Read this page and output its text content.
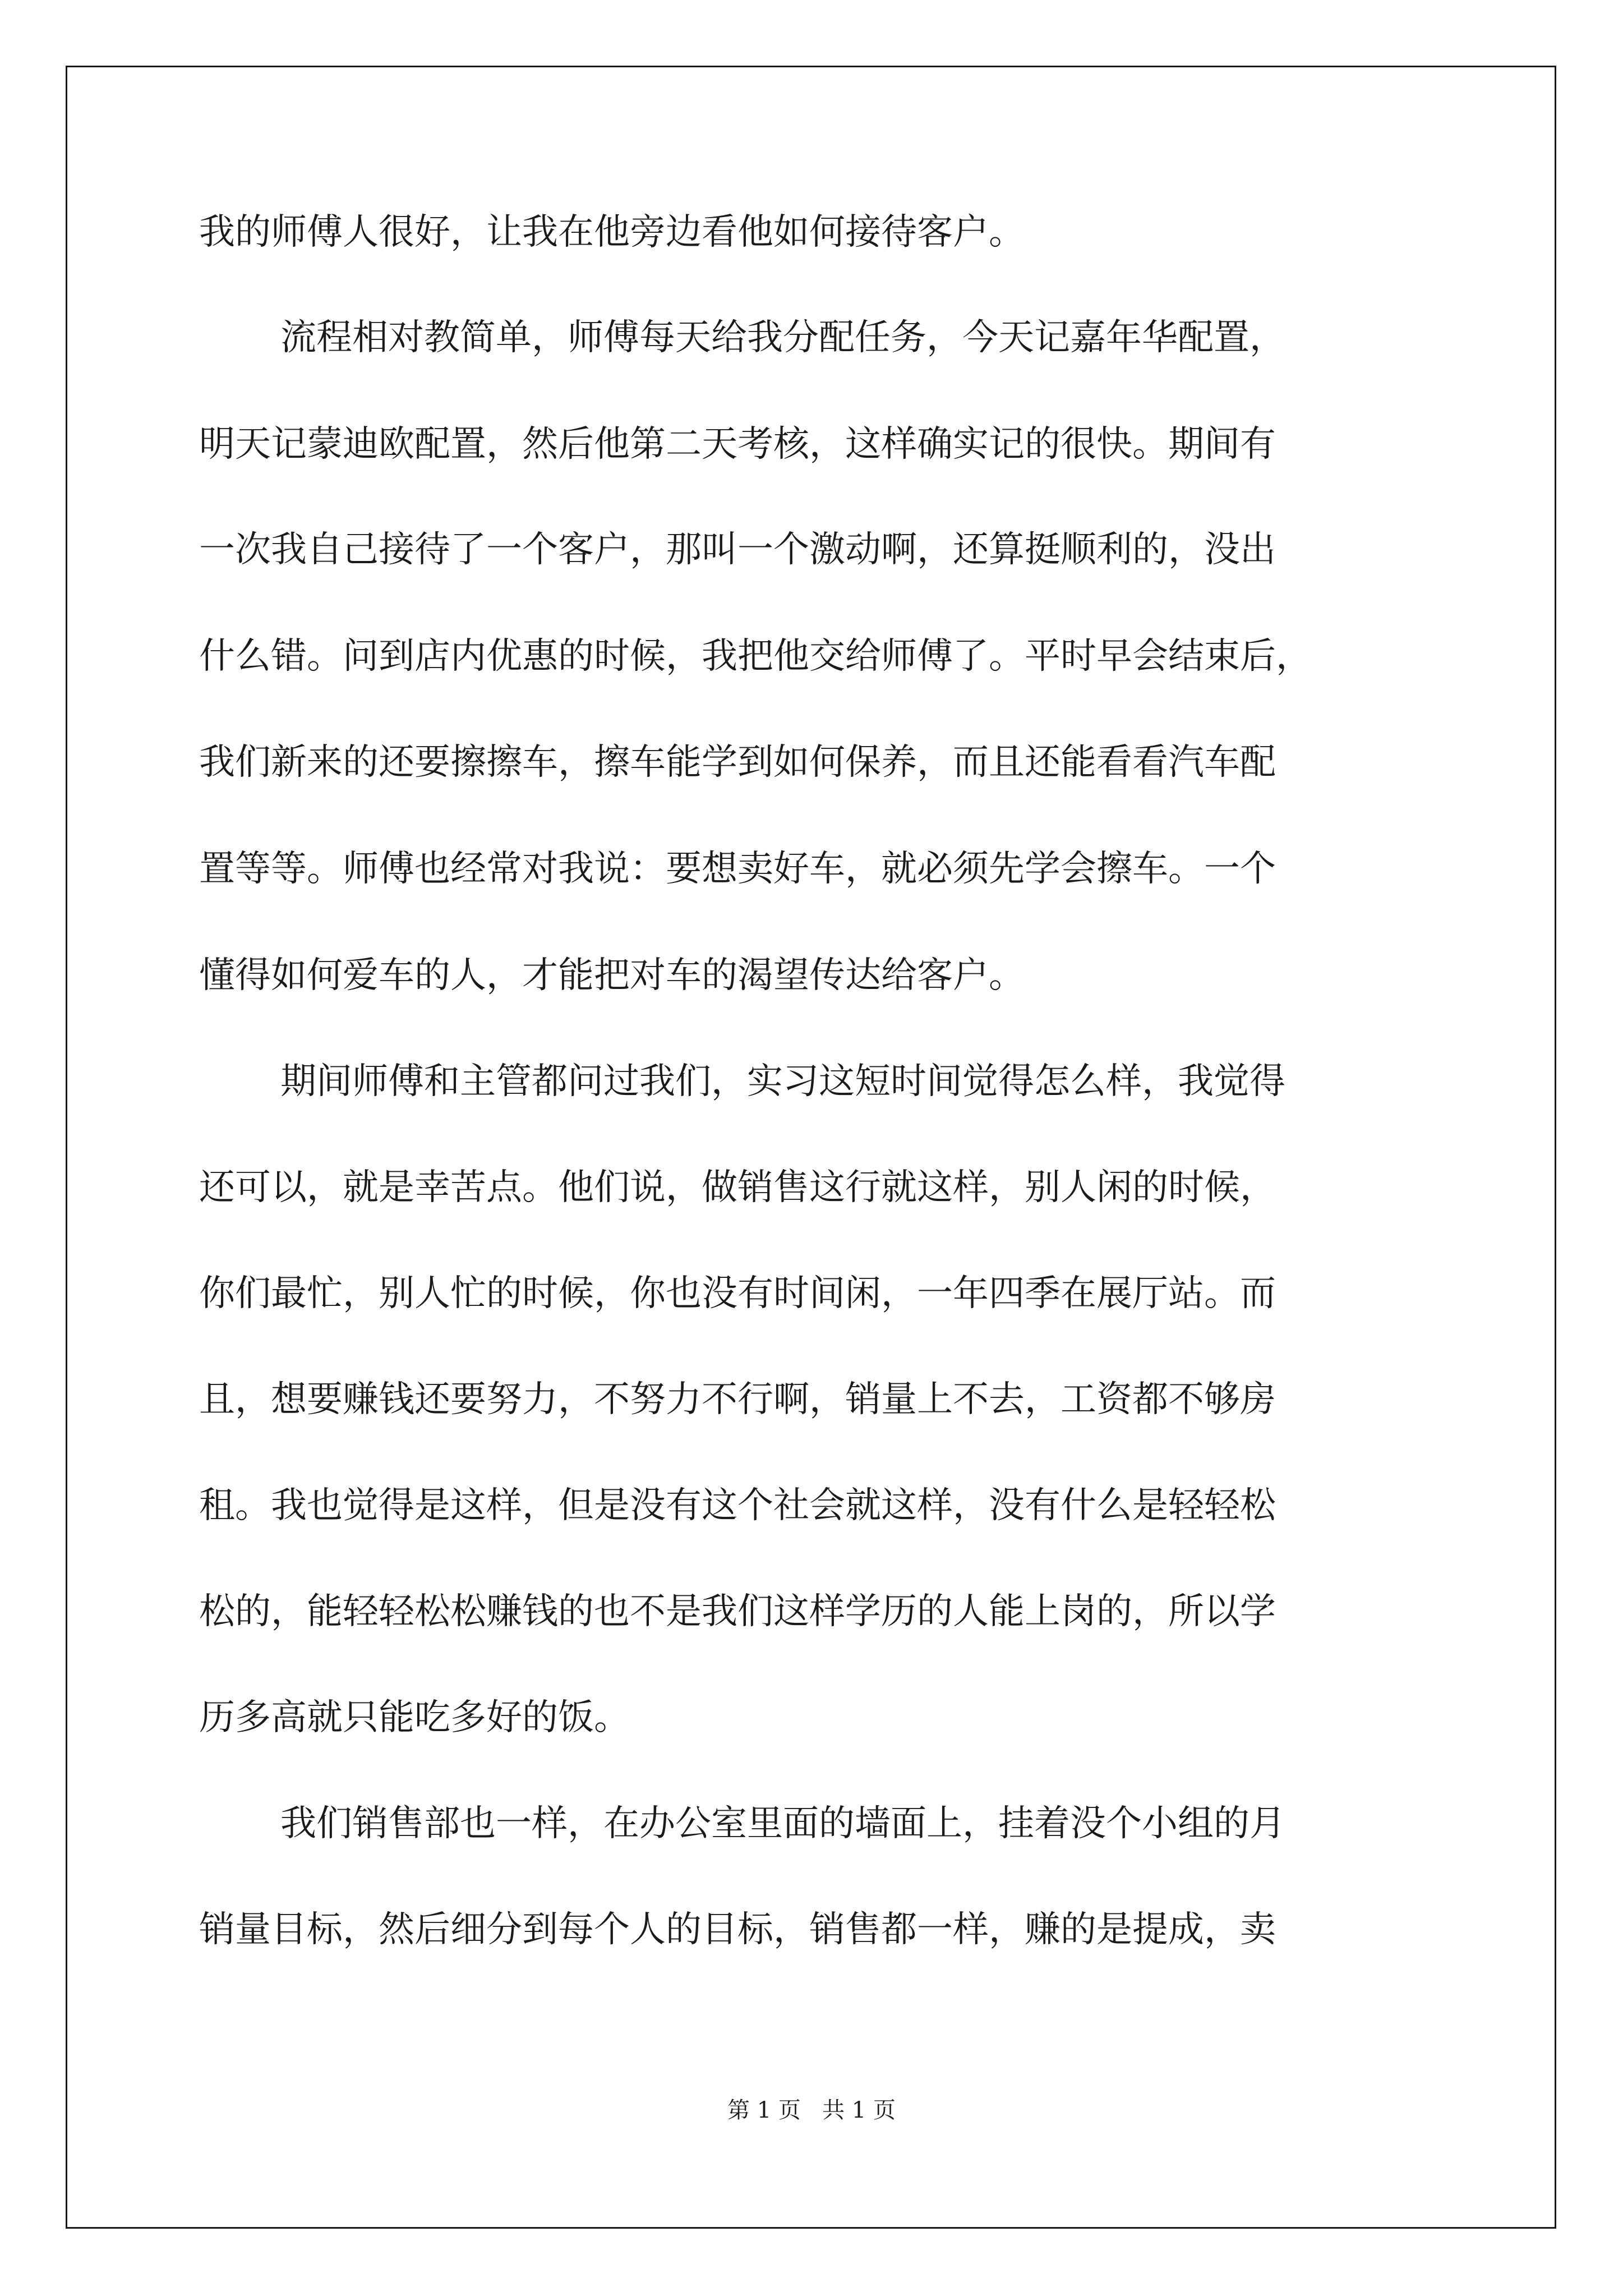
我的师傅人很好，让我在他旁边看他如何接待客户。
流程相对教简单，师傅每天给我分配任务，今天记嘉年华配置，
明天记蒙迪欧配置，然后他第二天考核，这样确实记的很快。期间有
一次我自己接待了一个客户，那叫一个激动啊，还算挺顺利的，没出
什么错。问到店内优惠的时候，我把他交给师傅了。平时早会结束后，
我们新来的还要擦擦车，擦车能学到如何保养，而且还能看看汽车配
置等等。师傅也经常对我说：要想卖好车，就必须先学会擦车。一个
懂得如何爱车的人，才能把对车的渴望传达给客户。
期间师傅和主管都问过我们，实习这短时间觉得怎么样，我觉得
还可以，就是幸苦点。他们说，做销售这行就这样，别人闲的时候，
你们最忙，别人忙的时候，你也没有时间闲，一年四季在展厅站。而
且，想要赚钱还要努力，不努力不行啊，销量上不去，工资都不够房
租。我也觉得是这样，但是没有这个社会就这样，没有什么是轻轻松
松的，能轻轻松松赚钱的也不是我们这样学历的人能上岗的，所以学
历多高就只能吃多好的饭。
我们销售部也一样，在办公室里面的墙面上，挂着没个小组的月
销量目标，然后细分到每个人的目标，销售都一样，赚的是提成，卖
第 1 页   共 1 页
